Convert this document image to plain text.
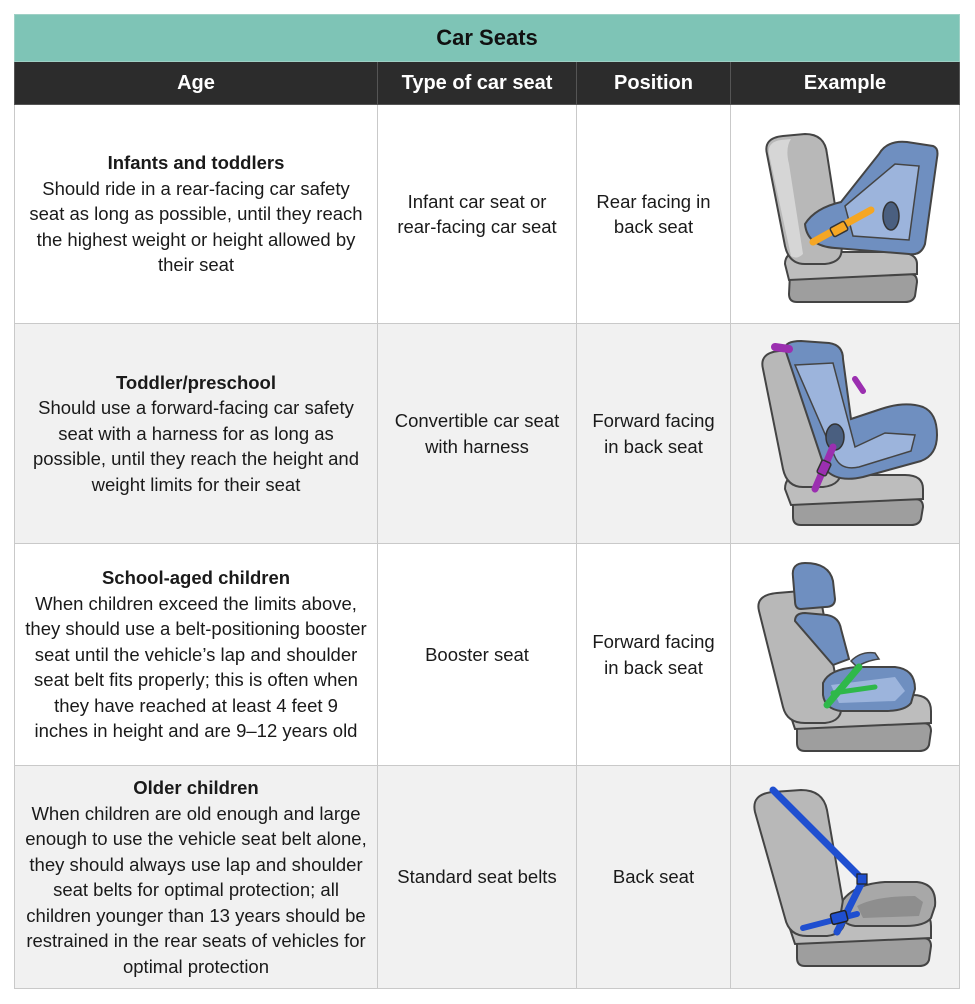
Car Seats			
Age	Type of car seat	Position	Example

Infants and toddlers
Should ride in a rear-facing car safety seat as long as possible, until they reach the highest weight or height allowed by their seat	Infant car seat or rear-facing car seat	Rear facing in back seat	

Toddler/preschool
Should use a forward-facing car safety seat with a harness for as long as possible, until they reach the height and weight limits for their seat	Convertible car seat with harness	Forward facing in back seat	

School-aged children
When children exceed the limits above, they should use a belt-positioning booster seat until the vehicle’s lap and shoulder seat belt fits properly; this is often when they have reached at least 4 feet 9 inches in height and are 9–12 years old	Booster seat	Forward facing in back seat	

Older children
When children are old enough and large enough to use the vehicle seat belt alone, they should always use lap and shoulder seat belts for optimal protection; all children younger than 13 years should be restrained in the rear seats of vehicles for optimal protection	Standard seat belts	Back seat	
